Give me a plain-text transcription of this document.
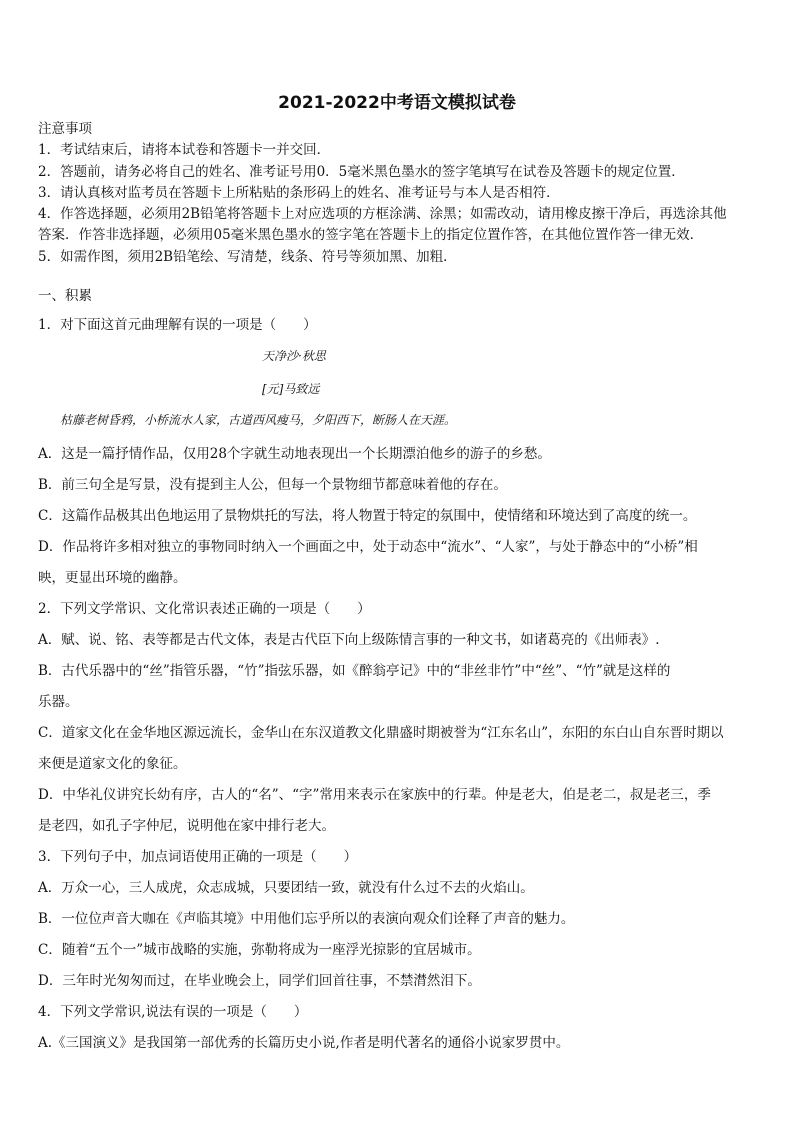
2021-2022中考语文模拟试卷
注意事项
1．考试结束后，请将本试卷和答题卡一并交回．
2．答题前，请务必将自己的姓名、准考证号用0．5毫米黑色墨水的签字笔填写在试卷及答题卡的规定位置．
3．请认真核对监考员在答题卡上所粘贴的条形码上的姓名、准考证号与本人是否相符．
4．作答选择题，必须用2B铅笔将答题卡上对应选项的方框涂满、涂黑；如需改动，请用橡皮擦干净后，再选涂其他
答案．作答非选择题，必须用05毫米黑色墨水的签字笔在答题卡上的指定位置作答，在其他位置作答一律无效．
5．如需作图，须用2B铅笔绘、写清楚，线条、符号等须加黑、加粗．
一、积累
1．对下面这首元曲理解有误的一项是（　　）
天净沙·秋思
[元]马致远
枯藤老树昏鸦，小桥流水人家，古道西风瘦马，夕阳西下，断肠人在天涯。
A．这是一篇抒情作品，仅用28个字就生动地表现出一个长期漂泊他乡的游子的乡愁。
B．前三句全是写景，没有提到主人公，但每一个景物细节都意味着他的存在。
C．这篇作品极其出色地运用了景物烘托的写法，将人物置于特定的氛围中，使情绪和环境达到了高度的统一。
D．作品将许多相对独立的事物同时纳入一个画面之中，处于动态中“流水”、“人家”，与处于静态中的“小桥”相
映，更显出环境的幽静。
2．下列文学常识、文化常识表述正确的一项是（　　）
A．赋、说、铭、表等都是古代文体，表是古代臣下向上级陈情言事的一种文书，如诸葛亮的《出师表》.
B．古代乐器中的“丝”指管乐器，“竹”指弦乐器，如《醉翁亭记》中的“非丝非竹”中“丝”、“竹”就是这样的
乐器。
C．道家文化在金华地区源远流长，金华山在东汉道教文化鼎盛时期被誉为“江东名山”，东阳的东白山自东晋时期以
来便是道家文化的象征。
D．中华礼仪讲究长幼有序，古人的“名”、“字”常用来表示在家族中的行辈。仲是老大，伯是老二，叔是老三，季
是老四，如孔子字仲尼，说明他在家中排行老大。
3．下列句子中，加点词语使用正确的一项是（　　）
A．万众一心，三人成虎，众志成城，只要团结一致，就没有什么过不去的火焰山。
B．一位位声音大咖在《声临其境》中用他们忘乎所以的表演向观众们诠释了声音的魅力。
C．随着“五个一”城市战略的实施，弥勒将成为一座浮光掠影的宜居城市。
D．三年时光匆匆而过，在毕业晚会上，同学们回首往事，不禁潸然泪下。
4．下列文学常识,说法有误的一项是（　　）
A.《三国演义》是我国第一部优秀的长篇历史小说,作者是明代著名的通俗小说家罗贯中。
